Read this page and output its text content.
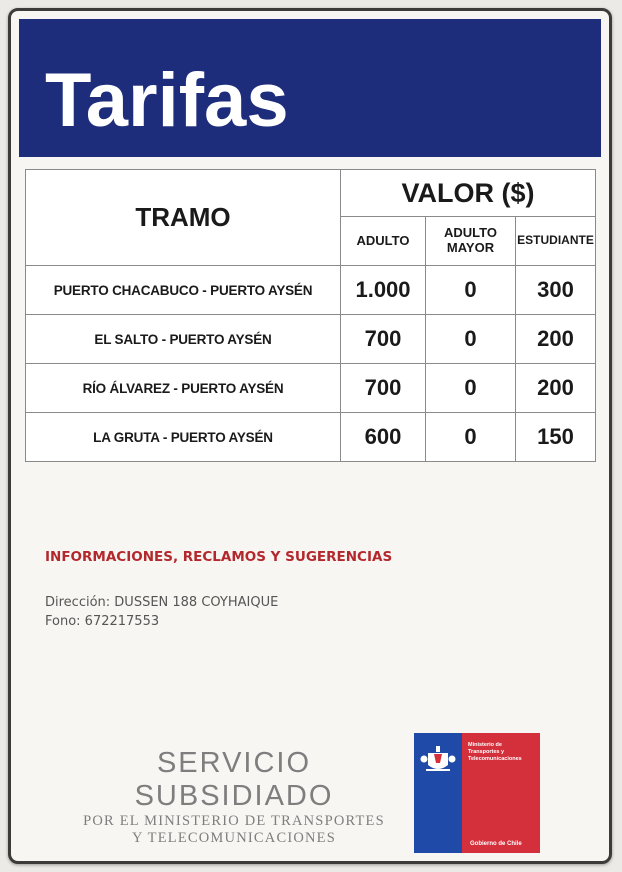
Tarifas
TRAMO	VALOR ($)		
	ADULTO	ADULTO MAYOR	ESTUDIANTE
PUERTO CHACABUCO - PUERTO AYSÉN	1.000	0	300
EL SALTO - PUERTO AYSÉN	700	0	200
RÍO ÁLVAREZ - PUERTO AYSÉN	700	0	200
LA GRUTA - PUERTO AYSÉN	600	0	150
INFORMACIONES, RECLAMOS Y SUGERENCIAS
Dirección: DUSSEN 188 COYHAIQUE
Fono: 672217553
SERVICIO SUBSIDIADO
POR EL MINISTERIO DE TRANSPORTES
Y TELECOMUNICACIONES
Ministerio de
Transportes y
Telecomunicaciones
Gobierno de Chile
